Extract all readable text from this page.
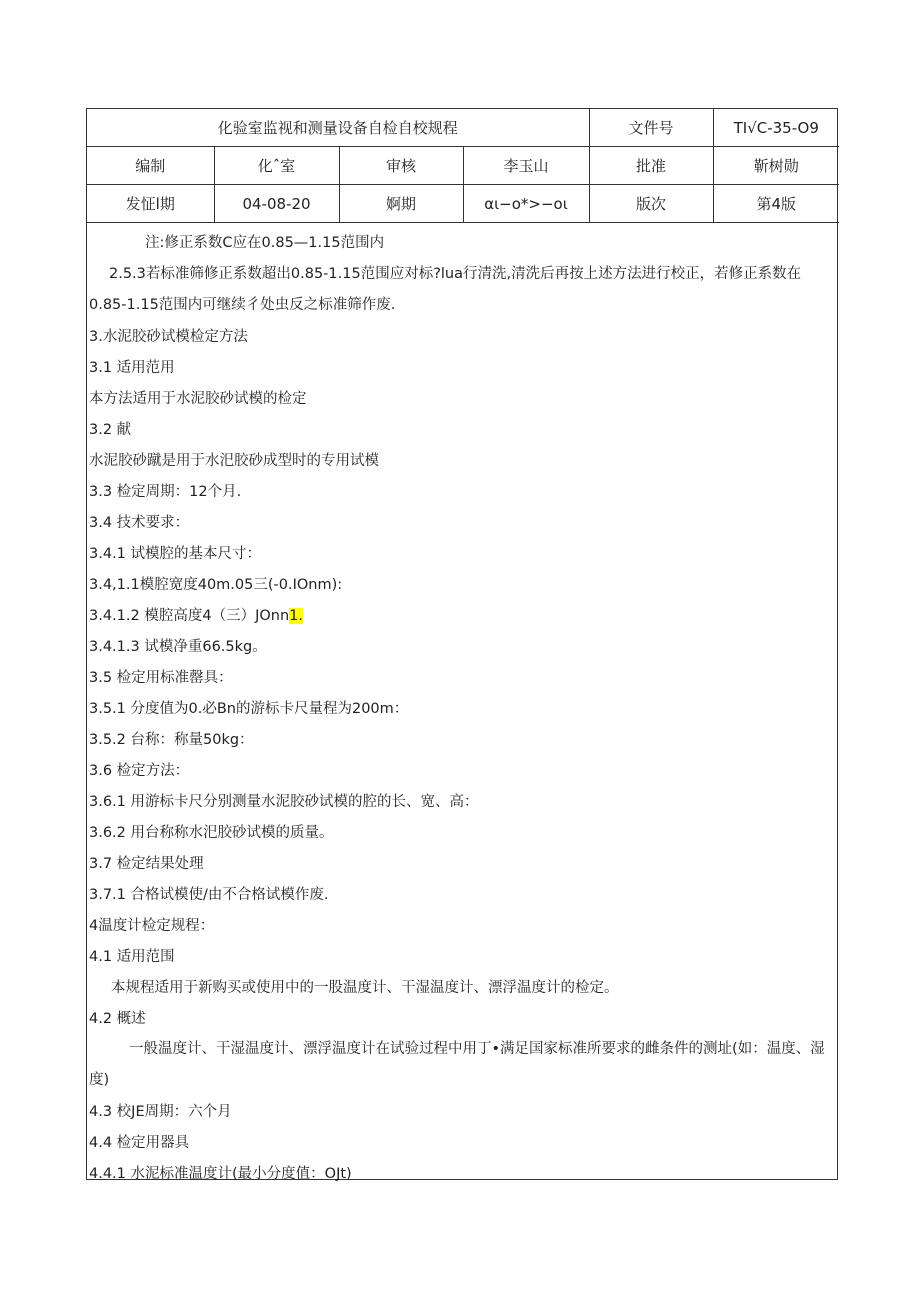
化验室监视和测量设备自检自校规程				文件号	TI√C-35-O9
编制	化ˆ室	审核	李玉山	批准	靳树勋
发怔l期	04-08-20	婀期	αι−ο*>−οι	版次	第4版
注:修正系数C应在0.85—1.15范围内
2.5.3若标准筛修正系数超出0.85-1.15范围应对标?lua行清洗,清洗后再按上述方法进行校正，若修正系数在0.85-1.15范围内可继续彳处虫反之标准筛作废.
3.水泥胶砂试模检定方法
3.1 适用范用
本方法适用于水泥胶砂试模的检定
3.2 献
水泥胶砂蹴是用于水汜胶砂成型时的专用试模
3.3 检定周期：12个月.
3.4 技术要求：
3.4.1 试模腔的基本尺寸：
3.4,1.1模腔宽度40m.05三(-0.IOnm):
3.4.1.2 模腔高度4（三）JOnn1.
3.4.1.3 试模净重66.5kg。
3.5 检定用标准罄具：
3.5.1 分度值为0.必Bn的游标卡尺量程为200m：
3.5.2 台称：称量50kg：
3.6 检定方法：
3.6.1 用游标卡尺分别测量水泥胶砂试模的腔的长、宽、高：
3.6.2 用台称称水汜胶砂试模的质量。
3.7 检定结果处理
3.7.1 合格试模使/由不合格试模作废.
4温度计检定规程：
4.1 适用范围
本规程适用于新购买或使用中的一股温度计、干湿温度计、漂浮温度计的检定。
4.2 概述
一般温度计、干湿温度计、漂浮温度计在试验过程中用丁•满足国家标准所要求的雌条件的测址(如：温度、湿度)
4.3 校JE周期：六个月
4.4 检定用器具
4.4.1 水泥标准温度计(最小分度值：OJt)
